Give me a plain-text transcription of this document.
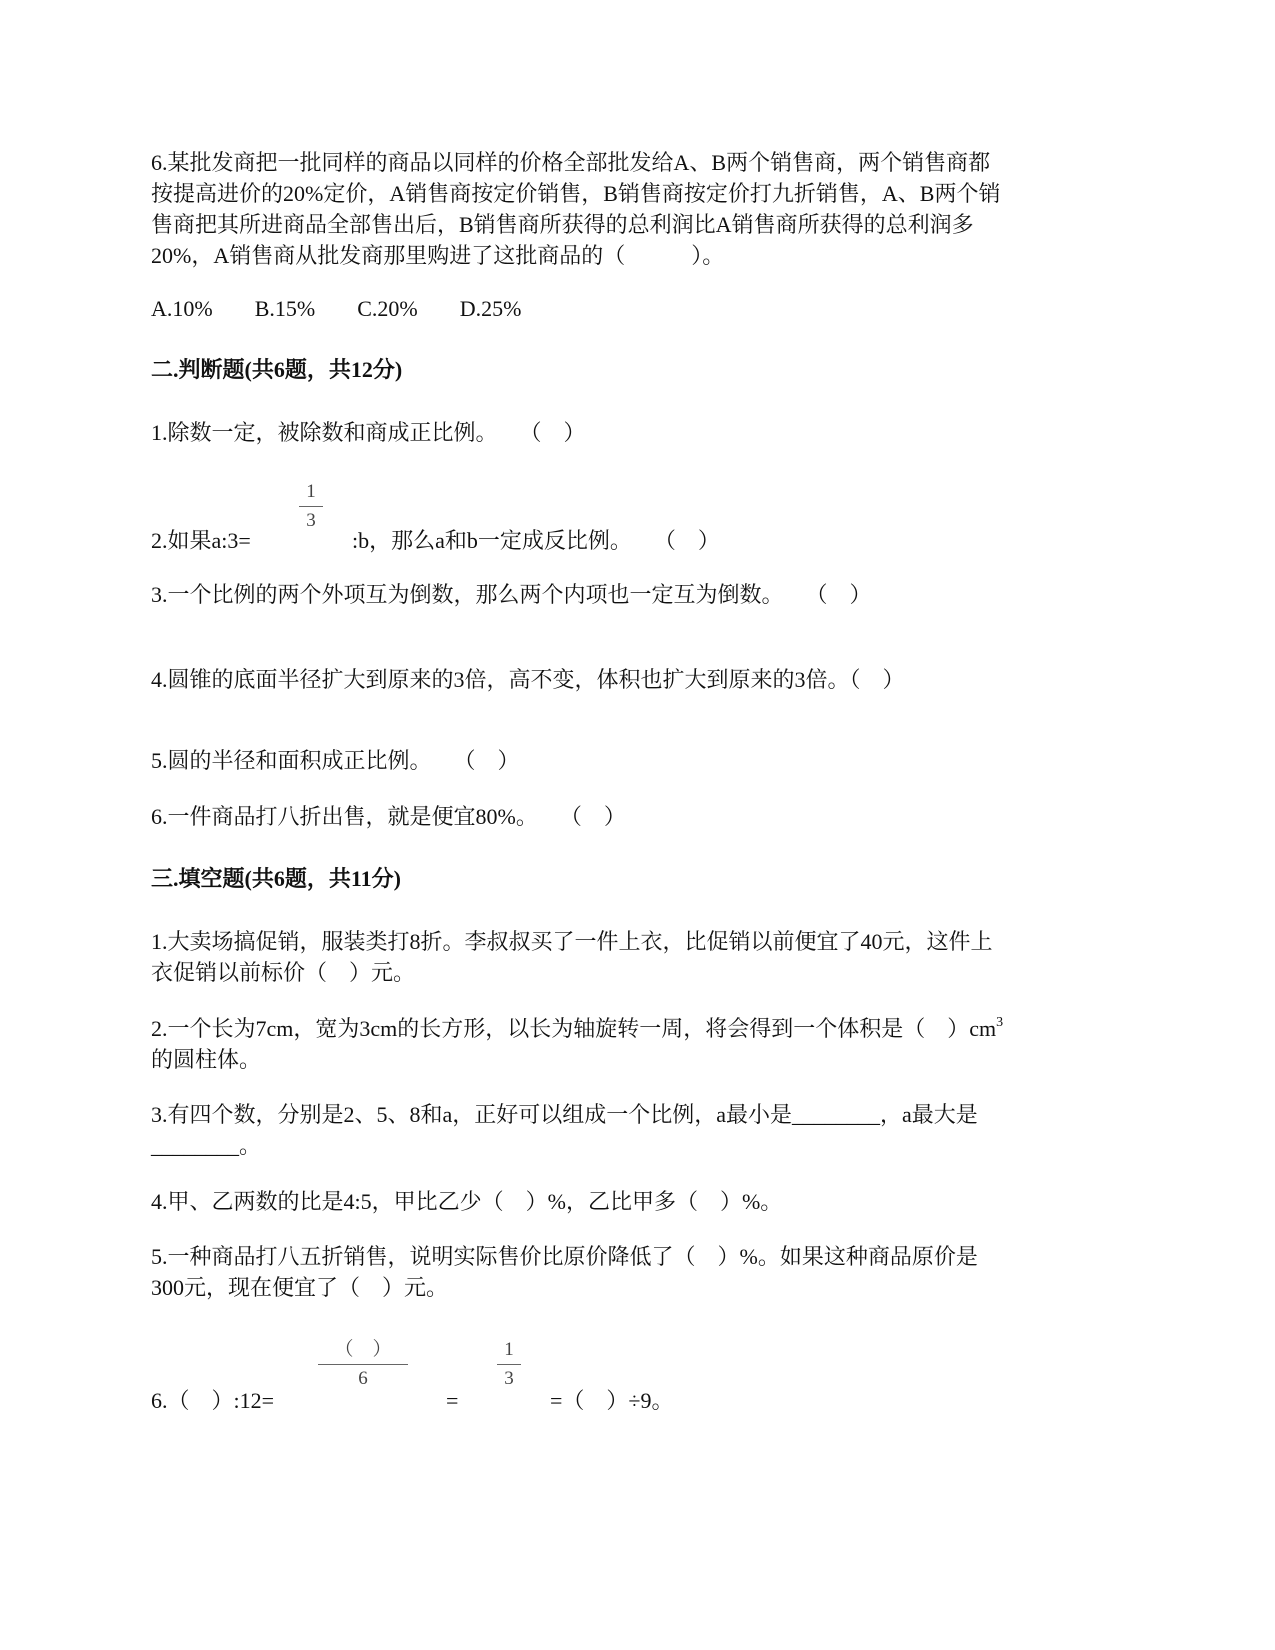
6.某批发商把一批同样的商品以同样的价格全部批发给A、B两个销售商，两个销售商都
按提高进价的20%定价，A销售商按定价销售，B销售商按定价打九折销售，A、B两个销
售商把其所进商品全部售出后，B销售商所获得的总利润比A销售商所获得的总利润多
20%，A销售商从批发商那里购进了这批商品的（　　　）。
A.10% B.15% C.20% D.25%
二.判断题(共6题，共12分)
1.除数一定，被除数和商成正比例。　　（　）
1
3
2.如果a:3=	:b，那么a和b一定成反比例。　　（　）
3.一个比例的两个外项互为倒数，那么两个内项也一定互为倒数。　　（　）
4.圆锥的底面半径扩大到原来的3倍，高不变，体积也扩大到原来的3倍。（　）
5.圆的半径和面积成正比例。　　（　）
6.一件商品打八折出售，就是便宜80%。　　（　）
三.填空题(共6题，共11分)
1.大卖场搞促销，服装类打8折。李叔叔买了一件上衣，比促销以前便宜了40元，这件上
衣促销以前标价（　）元。
2.一个长为7cm，宽为3cm的长方形，以长为轴旋转一周，将会得到一个体积是（　）$cm^3$
的圆柱体。
3.有四个数，分别是2、5、8和a，正好可以组成一个比例，a最小是________，a最大是
________。
4.甲、乙两数的比是4:5，甲比乙少（　）%，乙比甲多（　）%。
5.一种商品打八五折销售，说明实际售价比原价降低了（　）%。如果这种商品原价是
300元，现在便宜了（　）元。
6.（　）:12=
（　）
6
=
1
3
=（　）÷9。
